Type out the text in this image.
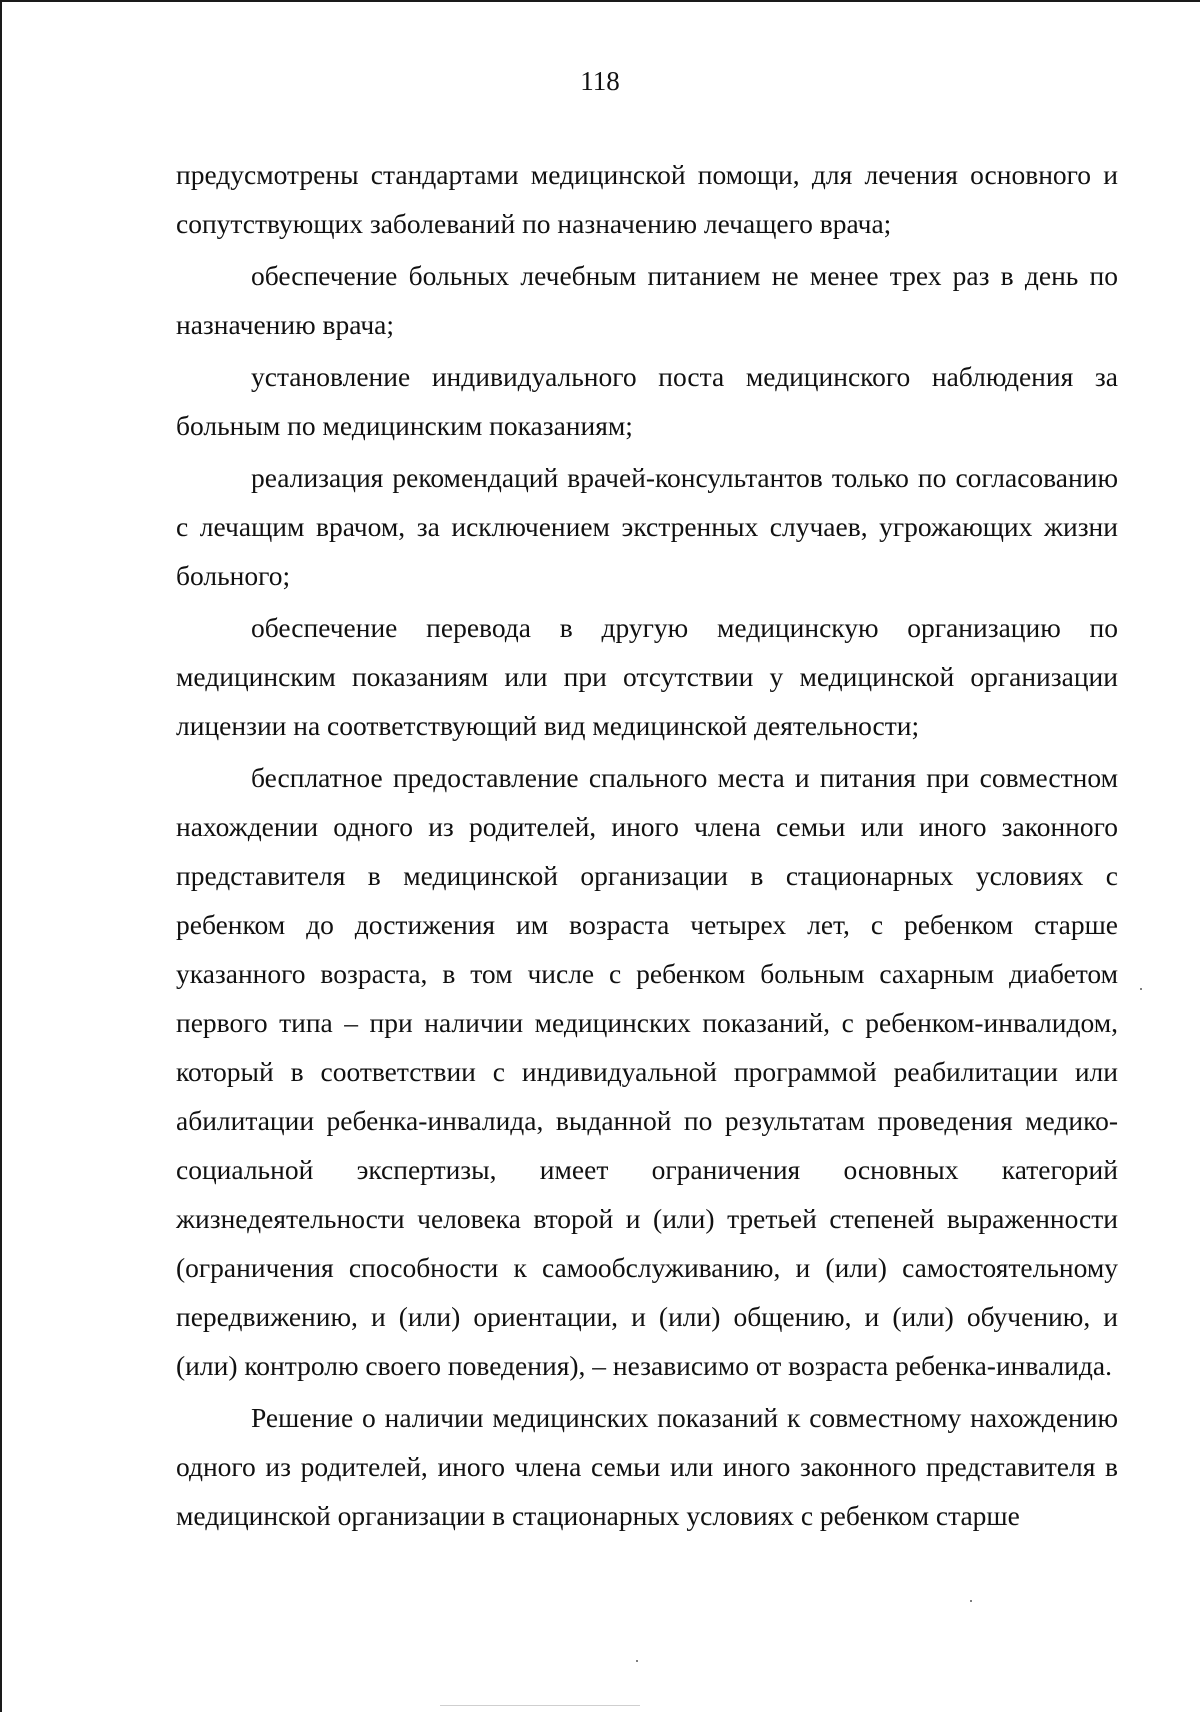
118

предусмотрены стандартами медицинской помощи, для лечения основного и сопутствующих заболеваний по назначению лечащего врача;

обеспечение больных лечебным питанием не менее трех раз в день по назначению врача;

установление индивидуального поста медицинского наблюдения за больным по медицинским показаниям;

реализация рекомендаций врачей-консультантов только по согласованию с лечащим врачом, за исключением экстренных случаев, угрожающих жизни больного;

обеспечение перевода в другую медицинскую организацию по медицинским показаниям или при отсутствии у медицинской организации лицензии на соответствующий вид медицинской деятельности;

бесплатное предоставление спального места и питания при совместном нахождении одного из родителей, иного члена семьи или иного законного представителя в медицинской организации в стационарных условиях с ребенком до достижения им возраста четырех лет, с ребенком старше указанного возраста, в том числе с ребенком больным сахарным диабетом первого типа – при наличии медицинских показаний, с ребенком-инвалидом, который в соответствии с индивидуальной программой реабилитации или абилитации ребенка-инвалида, выданной по результатам проведения медико-социальной экспертизы, имеет ограничения основных категорий жизнедеятельности человека второй и (или) третьей степеней выраженности (ограничения способности к самообслуживанию, и (или) самостоятельному передвижению, и (или) ориентации, и (или) общению, и (или) обучению, и (или) контролю своего поведения), – независимо от возраста ребенка-инвалида.

Решение о наличии медицинских показаний к совместному нахождению одного из родителей, иного члена семьи или иного законного представителя в медицинской организации в стационарных условиях с ребенком старше
